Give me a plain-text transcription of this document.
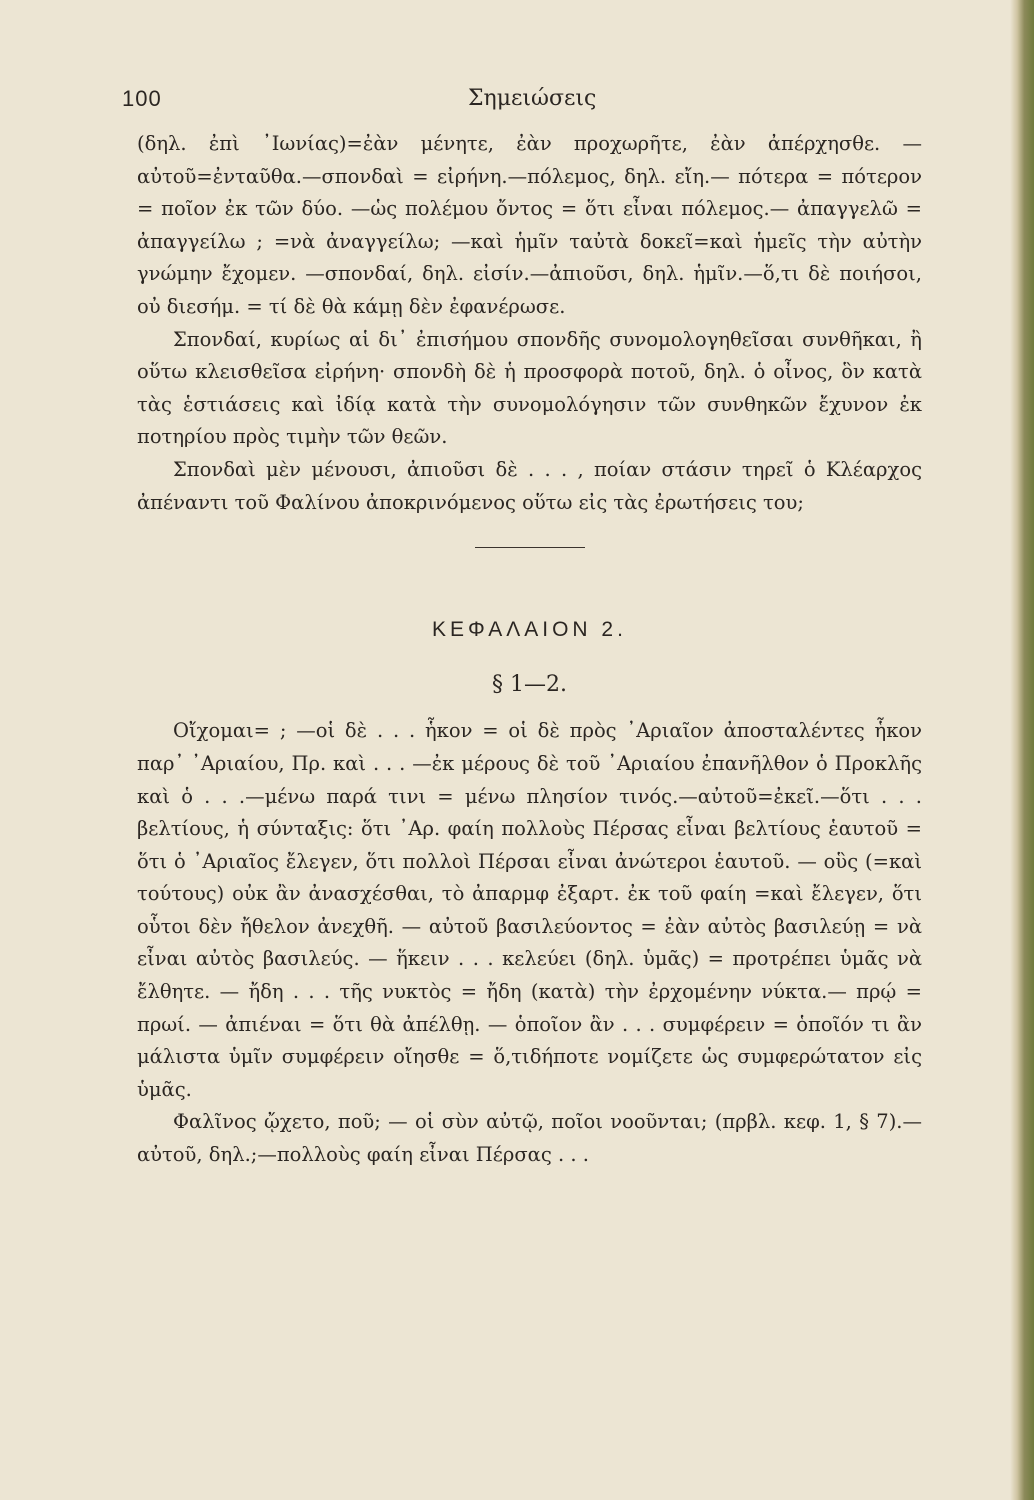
100	Σημειώσεις

(δηλ. ἐπὶ ᾿Ιωνίας)=ἐὰν μένητε, ἐὰν προχωρῆτε, ἐὰν ἀπέρχησθε. —αὐτοῦ=ἐνταῦθα.—σπονδαὶ = εἰρήνη.—πόλεμος, δηλ. εἴη.— πότερα = πότερον = ποῖον ἐκ τῶν δύο. —ὡς πολέμου ὄντος = ὅτι εἶναι πόλεμος.— ἀπαγγελῶ = ἀπαγγείλω ; =νὰ ἀναγγείλω; —καὶ ἡμῖν ταὐτὰ δοκεῖ=καὶ ἡμεῖς τὴν αὐτὴν γνώμην ἔχομεν. —σπονδαί, δηλ. εἰσίν.—ἀπιοῦσι, δηλ. ἡμῖν.—ὅ,τι δὲ ποιήσοι, οὐ διεσήμ. = τί δὲ θὰ κάμῃ δὲν ἐφανέρωσε.

Σπονδαί, κυρίως αἱ δι᾿ ἐπισήμου σπονδῆς συνομολογηθεῖσαι συνθῆκαι, ἢ οὕτω κλεισθεῖσα εἰρήνη· σπονδὴ δὲ ἡ προσφορὰ ποτοῦ, δηλ. ὁ οἶνος, ὃν κατὰ τὰς ἑστιάσεις καὶ ἰδίᾳ κατὰ τὴν συνομολόγησιν τῶν συνθηκῶν ἔχυνον ἐκ ποτηρίου πρὸς τιμὴν τῶν θεῶν.

Σπονδαὶ μὲν μένουσι, ἀπιοῦσι δὲ . . . , ποίαν στάσιν τηρεῖ ὁ Κλέαρχος ἀπέναντι τοῦ Φαλίνου ἀποκρινόμενος οὕτω εἰς τὰς ἐρωτήσεις του;

ΚΕΦΑΛΑΙΟΝ 2.
§ 1—2.

Οἴχομαι= ; —οἱ δὲ . . . ἧκον = οἱ δὲ πρὸς ᾿Αριαῖον ἀποσταλέντες ἧκον παρ᾿ ᾿Αριαίου, Πρ. καὶ . . . —ἐκ μέρους δὲ τοῦ ᾿Αριαίου ἐπανῆλθον ὁ Προκλῆς καὶ ὁ . . .—μένω παρά τινι = μένω πλησίον τινός.—αὐτοῦ=ἐκεῖ.—ὅτι . . . βελτίους, ἡ σύνταξις: ὅτι ᾿Αρ. φαίη πολλοὺς Πέρσας εἶναι βελτίους ἑαυτοῦ = ὅτι ὁ ᾿Αριαῖος ἔλεγεν, ὅτι πολλοὶ Πέρσαι εἶναι ἀνώτεροι ἑαυτοῦ. — οὓς (=καὶ τούτους) οὐκ ἂν ἀνασχέσθαι, τὸ ἀπαρμφ ἐξαρτ. ἐκ τοῦ φαίη =καὶ ἔλεγεν, ὅτι οὗτοι δὲν ἤθελον ἀνεχθῆ. — αὐτοῦ βασιλεύοντος = ἐὰν αὐτὸς βασιλεύῃ = νὰ εἶναι αὐτὸς βασιλεύς. — ἥκειν . . . κελεύει (δηλ. ὑμᾶς) = προτρέπει ὑμᾶς νὰ ἔλθητε. — ἤδη . . . τῆς νυκτὸς = ἤδη (κατὰ) τὴν ἐρχομένην νύκτα.— πρῴ = πρωί. — ἀπιέναι = ὅτι θὰ ἀπέλθῃ. — ὁποῖον ἂν . . . συμφέρειν = ὁποῖόν τι ἂν μάλιστα ὑμῖν συμφέρειν οἴησθε = ὅ,τιδήποτε νομίζετε ὡς συμφερώτατον εἰς ὑμᾶς.

Φαλῖνος ᾤχετο, ποῦ; — οἱ σὺν αὐτῷ, ποῖοι νοοῦνται; (πρβλ. κεφ. 1, § 7).—αὐτοῦ, δηλ.;—πολλοὺς φαίη εἶναι Πέρσας . . .
